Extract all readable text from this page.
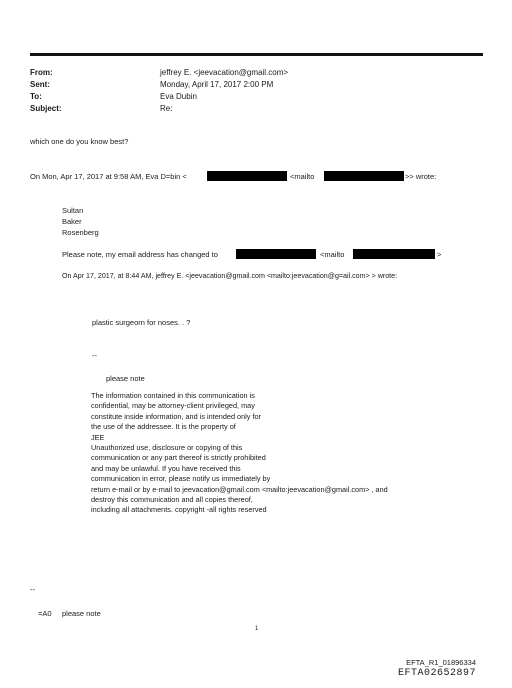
From:	jeffrey E. <jeevacation@gmail.com>
Sent:	Monday, April 17, 2017 2:00 PM
To:	Eva Dubin
Subject:	Re:
which one do you know best?
On Mon, Apr 17, 2017 at 9:58 AM, Eva D=bin <	<mailto	>> wrote:
Sultan
Baker
Rosenberg
Please note, my email address has changed to	<mailto	>
On Apr 17, 2017, at 8:44 AM, jeffrey E. <jeevacation@gmail.com <mailto:jeevacation@g=ail.com> > wrote:
plastic surgeorn for noses. . ?
--
please note
The information contained in this communication is
confidential, may be attorney-client privileged, may
constitute inside information, and is intended only for
the use of the addressee. It is the property of
JEE
Unauthorized use, disclosure or copying of this
communication or any part thereof is strictly prohibited
and may be unlawful. If you have received this
communication in error, please notify us immediately by
return e-mail or by e-mail to jeevacation@gmail.com <mailto:jeevacation@gmail.com> , and
destroy this communication and all copies thereof,
including all attachments. copyright -all rights reserved
--
=A0 please note
1
EFTA_R1_01896334
EFTA02652897
